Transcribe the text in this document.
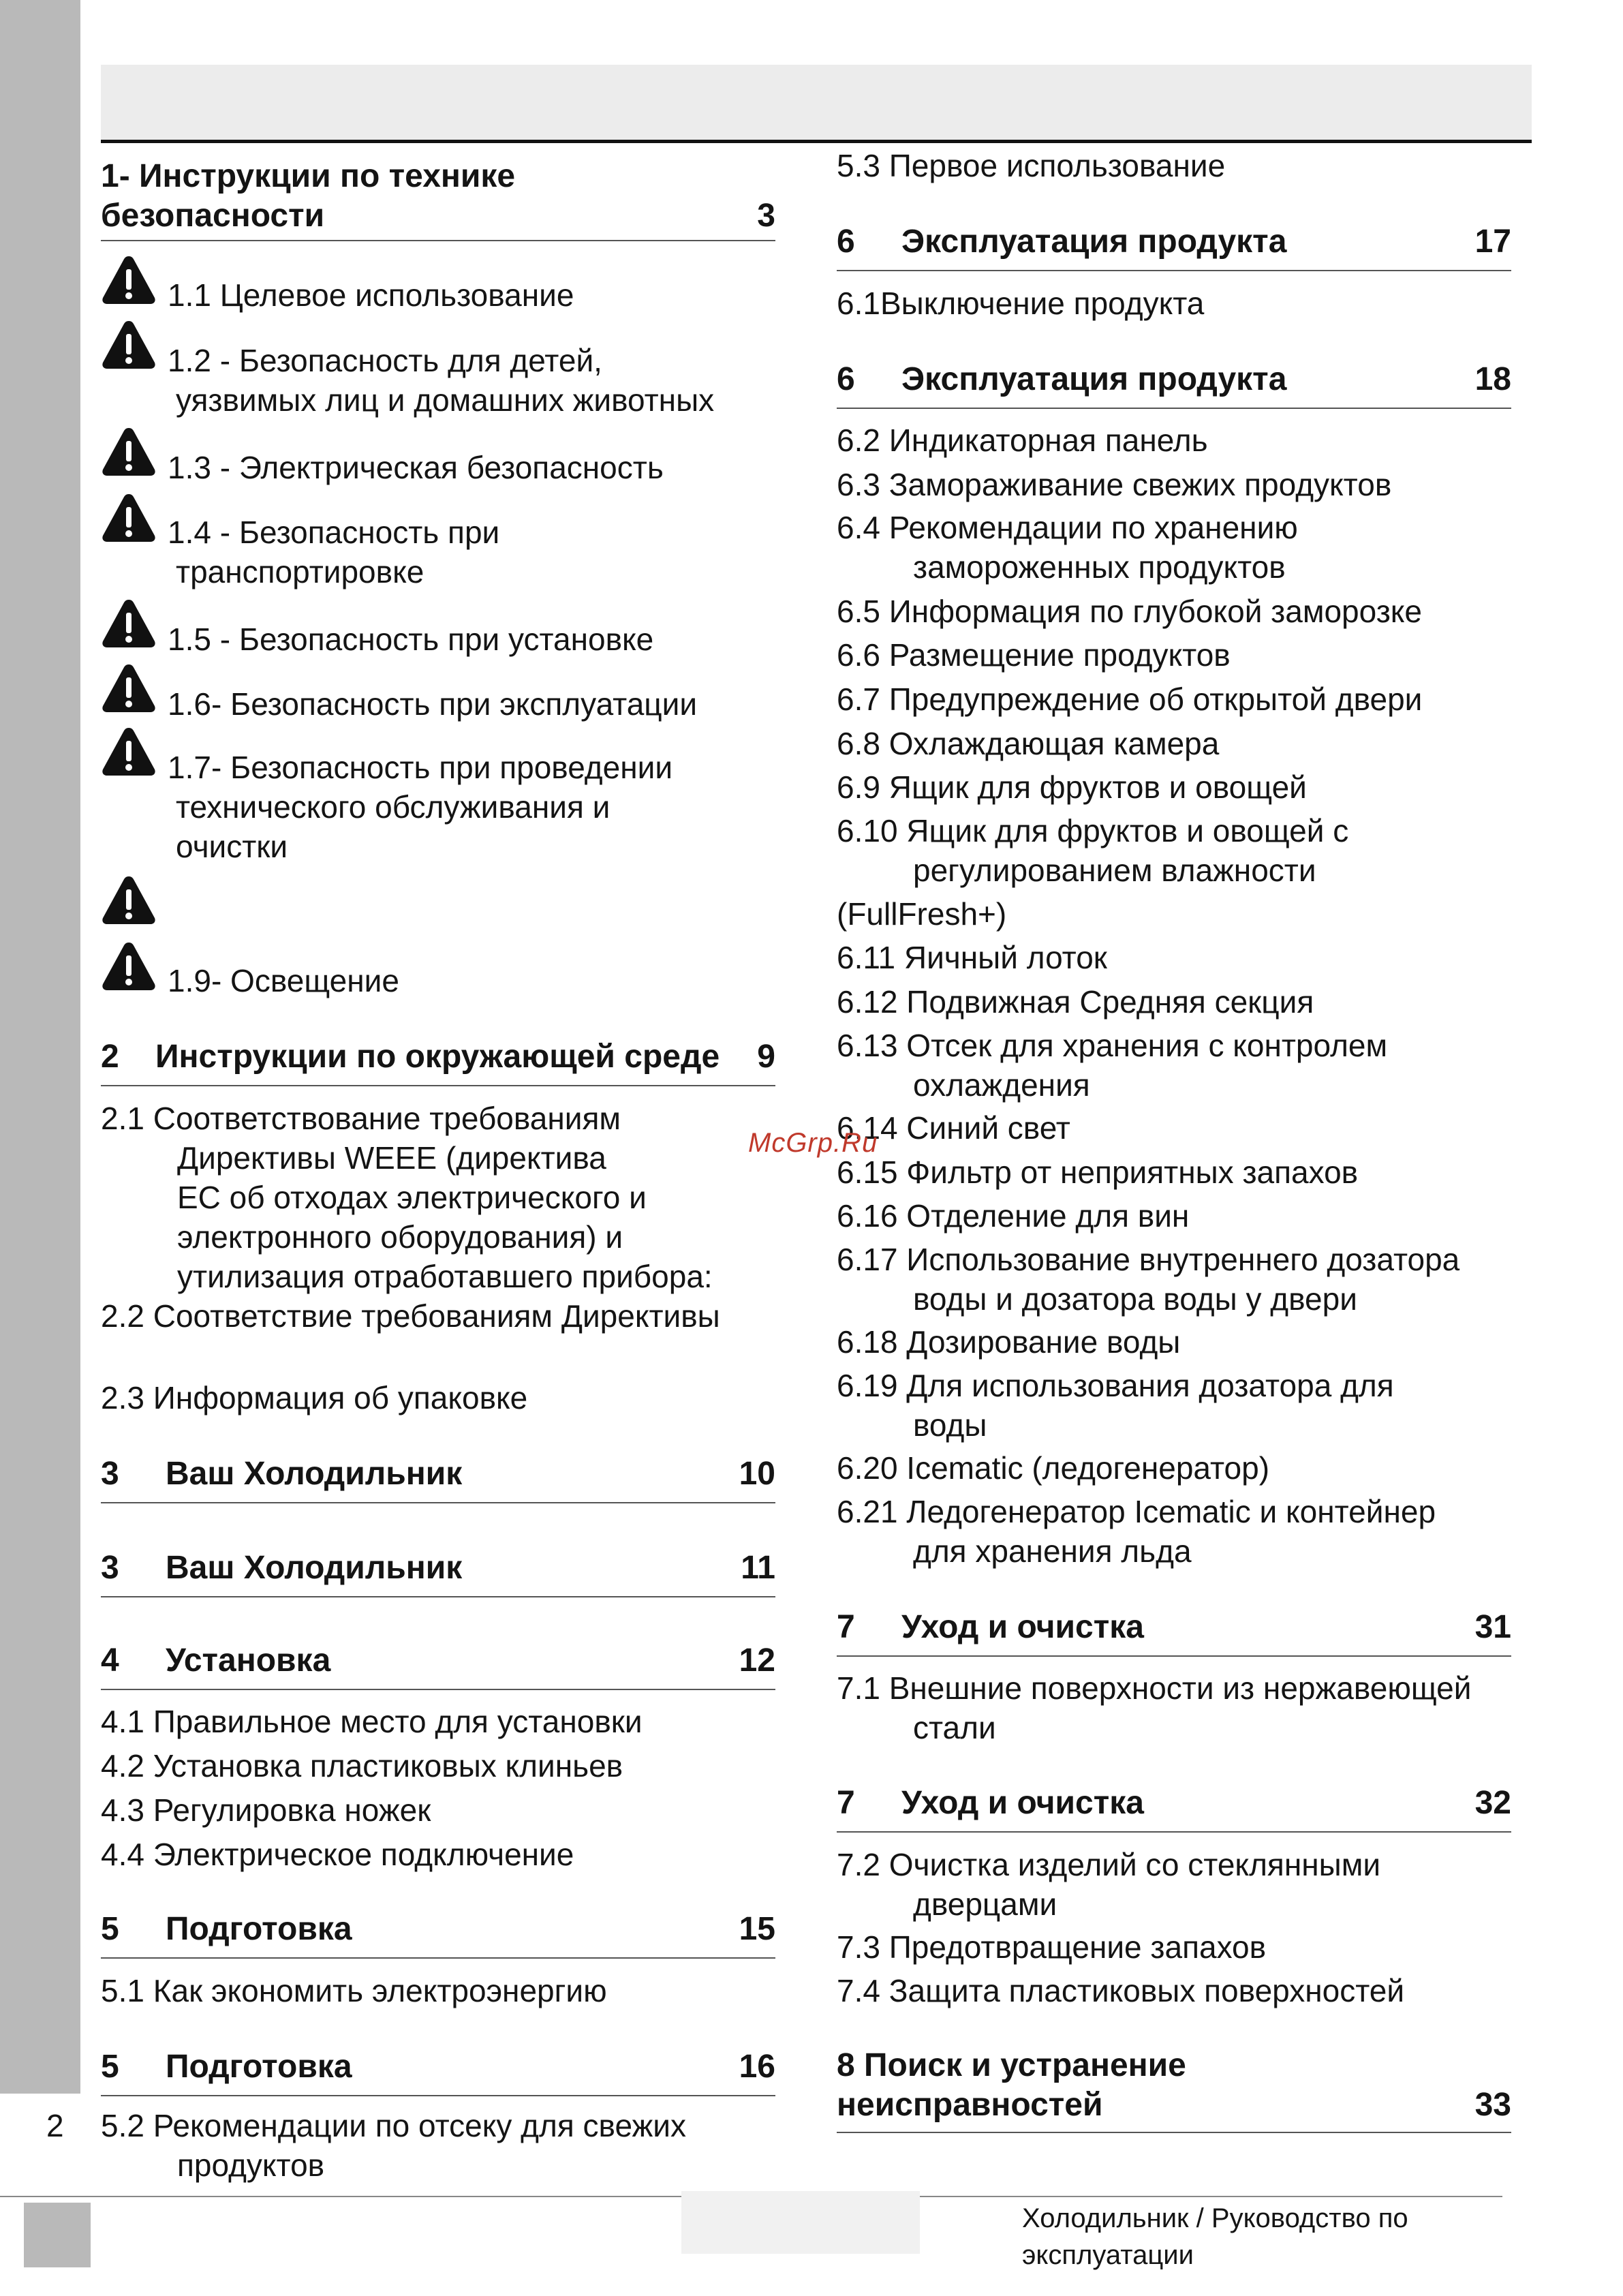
1- Инструкции по технике
безопасности	3
1.1 Целевое использование
1.2 - Безопасность для детей,
уязвимых лиц и домашних животных
1.3 - Электрическая безопасность
1.4 - Безопасность при
транспортировке
1.5 - Безопасность при установке
1.6- Безопасность при эксплуатации
1.7- Безопасность при проведении
технического обслуживания и
очистки
1.9- Освещение
2 Инструкции по окружающей среде 9
2.1 Соответствование требованиям

Директивы WEEE (директива
ЕС об отходах электрического и
электронного оборудования) и
утилизация отработавшего прибора:
2.2 Соответствие требованиям Директивы
2.3 Информация об упаковке
3 Ваш Холодильник	10
3 Ваш Холодильник	11
4 Установка	12
4.1 Правильное место для установки
4.2 Установка пластиковых клиньев
4.3 Регулировка ножек
4.4 Электрическое подключение
5 Подготовка	15
5.1 Как экономить электроэнергию
5 Подготовка	16
5.2 Рекомендации по отсеку для свежих

продуктов
5.3 Первое использование
6 Эксплуатация продукта	17
6.1Выключение продукта
6 Эксплуатация продукта	18
6.2 Индикаторная панель
6.3 Замораживание свежих продуктов
6.4 Рекомендации по хранению

замороженных продуктов
6.5 Информация по глубокой заморозке
6.6 Размещение продуктов
6.7 Предупреждение об открытой двери
6.8 Охлаждающая камера
6.9 Ящик для фруктов и овощей
6.10 Ящик для фруктов и овощей с

регулированием влажности
(FullFresh+)
6.11 Яичный лоток
6.12 Подвижная Средняя секция
6.13 Отсек для хранения с контролем

охлаждения
6.14 Синий свет
6.15 Фильтр от неприятных запахов
6.16 Отделение для вин
6.17 Использование внутреннего дозатора

воды и дозатора воды у двери
6.18 Дозирование воды
6.19 Для использования дозатора для

воды
6.20 Icematic (ледогенератор)
6.21 Ледогенератор Icematic и контейнер

для хранения льда
7 Уход и очистка	31
7.1 Внешние поверхности из нержавеющей

стали
7 Уход и очистка	32
7.2 Очистка изделий со стеклянными

дверцами
7.3 Предотвращение запахов
7.4 Защита пластиковых поверхностей
8 Поиск и устранение
неисправностей	33
McGrp.Ru
2
Холодильник / Руководство по
эксплуатации
